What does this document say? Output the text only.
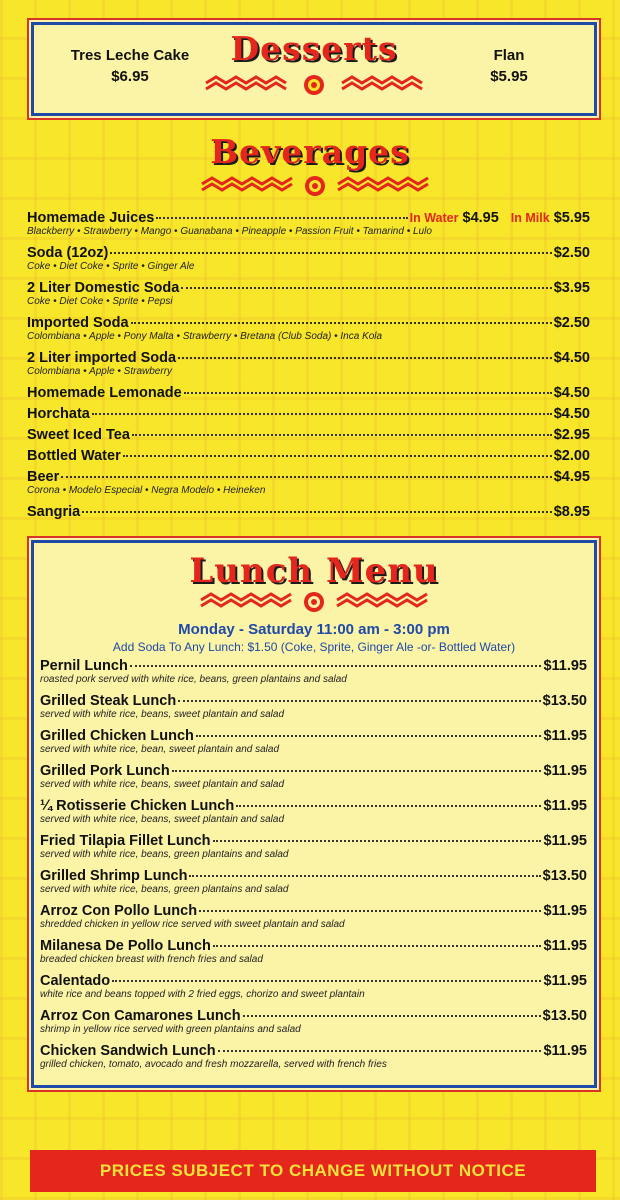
Tres Leche Cake
$6.95
Desserts	Flan
$5.95
Beverages
Homemade Juices	In Water $4.95 In Milk $5.95
Blackberry • Strawberry • Mango • Guanabana • Pineapple • Passion Fruit • Tamarind • Lulo
Soda (12oz)	$2.50
Coke • Diet Coke • Sprite • Ginger Ale
2 Liter Domestic Soda	$3.95
Coke • Diet Coke • Sprite • Pepsi
Imported Soda	$2.50
Colombiana • Apple • Pony Malta • Strawberry • Bretana (Club Soda) • Inca Kola
2 Liter imported Soda	$4.50
Colombiana • Apple • Strawberry
Homemade Lemonade	$4.50
Horchata	$4.50
Sweet Iced Tea	$2.95
Bottled Water	$2.00
Beer	$4.95
Corona • Modelo Especial • Negra Modelo • Heineken
Sangria	$8.95
Lunch Menu
Monday - Saturday 11:00 am - 3:00 pm
Add Soda To Any Lunch: $1.50 (Coke, Sprite, Ginger Ale -or- Bottled Water)
Pernil Lunch	$11.95
roasted pork served with white rice, beans, green plantains and salad
Grilled Steak Lunch	$13.50
served with white rice, beans, sweet plantain and salad
Grilled Chicken Lunch	$11.95
served with white rice, bean, sweet plantain and salad
Grilled Pork Lunch	$11.95
served with white rice, beans, sweet plantain and salad
¼ Rotisserie Chicken Lunch	$11.95
served with white rice, beans, sweet plantain and salad
Fried Tilapia Fillet Lunch	$11.95
served with white rice, beans, green plantains and salad
Grilled Shrimp Lunch	$13.50
served with white rice, beans, green plantains and salad
Arroz Con Pollo Lunch	$11.95
shredded chicken in yellow rice served with sweet plantain and salad
Milanesa De Pollo Lunch	$11.95
breaded chicken breast with french fries and salad
Calentado	$11.95
white rice and beans topped with 2 fried eggs, chorizo and sweet plantain
Arroz Con Camarones Lunch	$13.50
shrimp in yellow rice served with green plantains and salad
Chicken Sandwich Lunch	$11.95
grilled chicken, tomato, avocado and fresh mozzarella, served with french fries
PRICES SUBJECT TO CHANGE WITHOUT NOTICE
